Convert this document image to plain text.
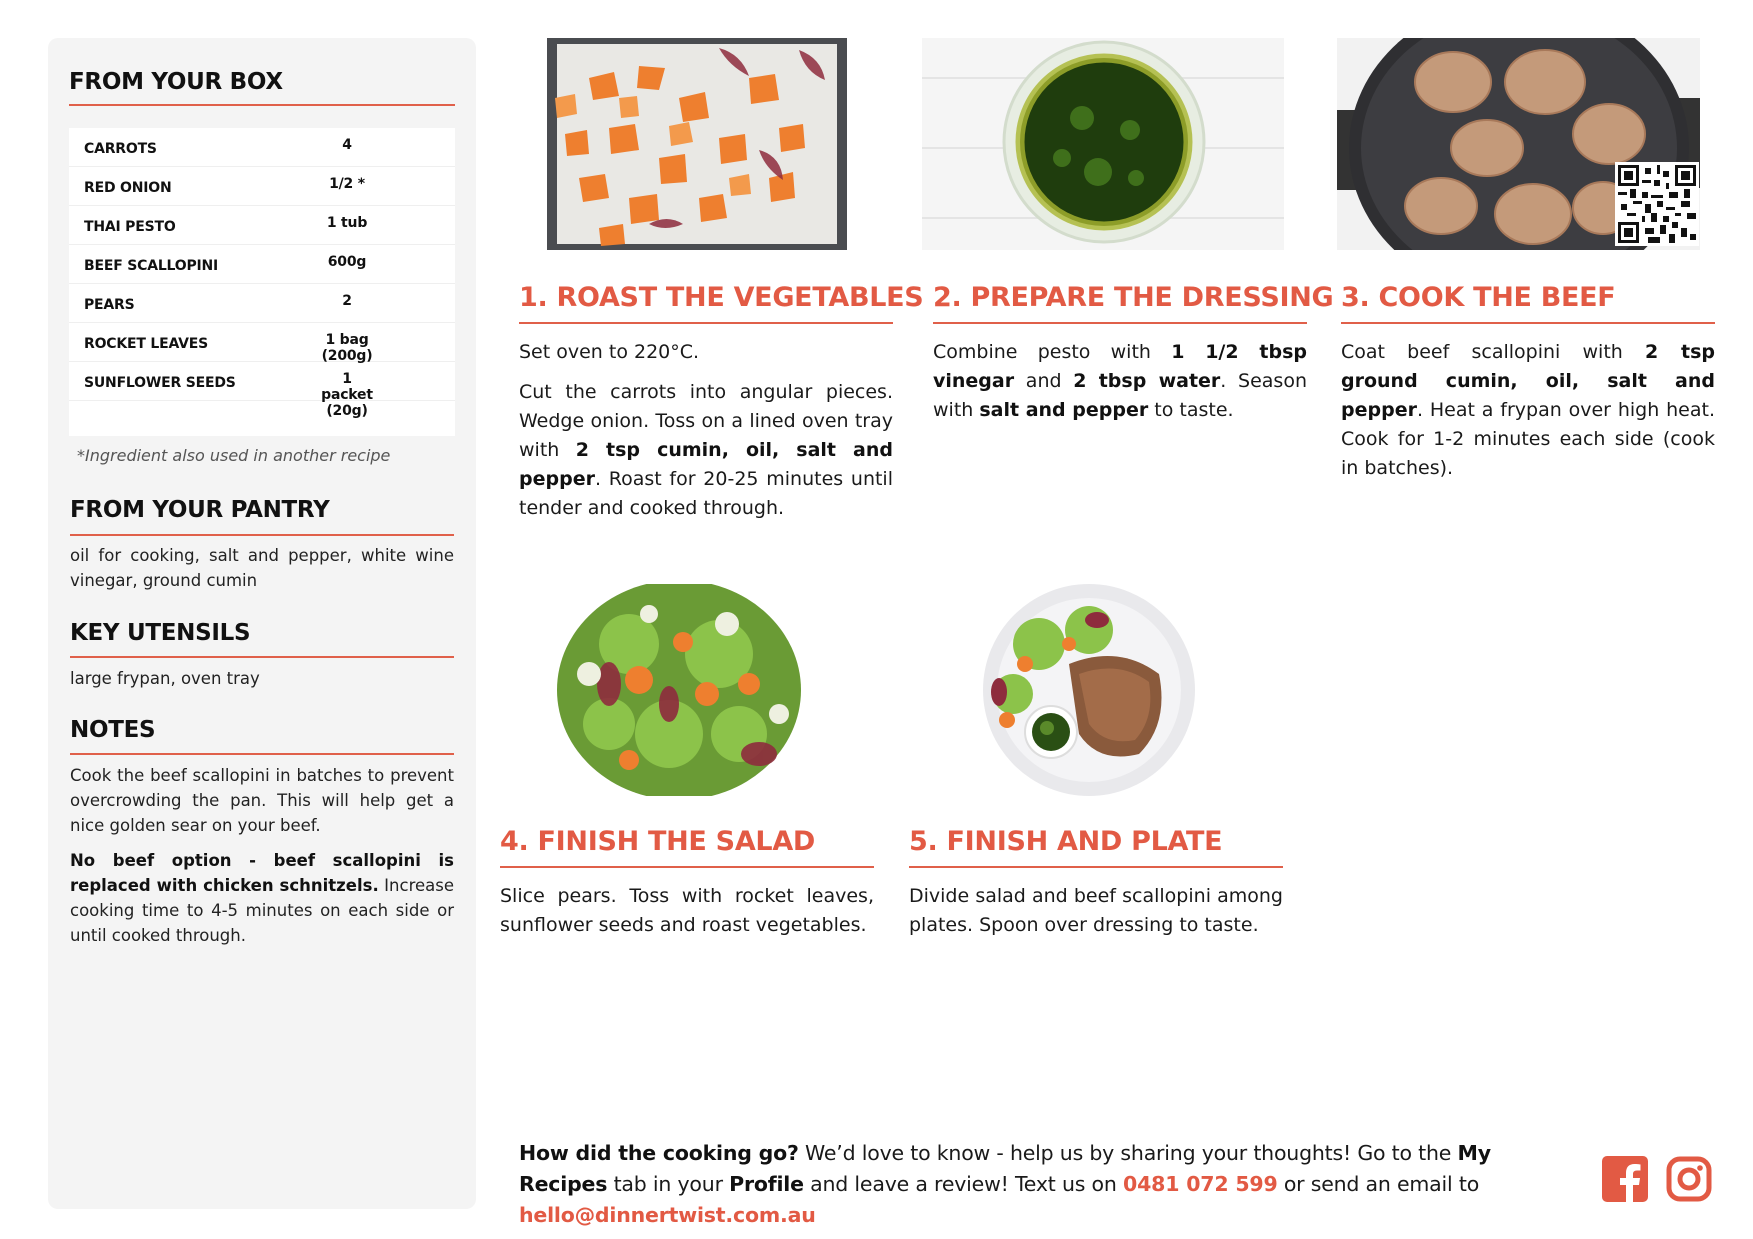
FROM YOUR BOX
CARROTS	4
RED ONION	1/2 *
THAI PESTO	1 tub
BEEF SCALLOPINI	600g
PEARS	2
ROCKET LEAVES	1 bag (200g)
SUNFLOWER SEEDS	1 packet (20g)
*Ingredient also used in another recipe
FROM YOUR PANTRY
oil for cooking, salt and pepper, white wine vinegar, ground cumin
KEY UTENSILS
large frypan, oven tray
NOTES
Cook the beef scallopini in batches to prevent overcrowding the pan. This will help get a nice golden sear on your beef.
No beef option - beef scallopini is replaced with chicken schnitzels. Increase cooking time to 4-5 minutes on each side or until cooked through.
1. ROAST THE VEGETABLES

Set oven to 220°C.

Cut the carrots into angular pieces. Wedge onion. Toss on a lined oven tray with 2 tsp cumin, oil, salt and pepper. Roast for 20-25 minutes until tender and cooked through.

2. PREPARE THE DRESSING

Combine pesto with 1 1/2 tbsp vinegar and 2 tbsp water. Season with salt and pepper to taste.

3. COOK THE BEEF

Coat beef scallopini with 2 tsp ground cumin, oil, salt and pepper. Heat a frypan over high heat. Cook for 1-2 minutes each side (cook in batches).

4. FINISH THE SALAD
Slice pears. Toss with rocket leaves, sunflower seeds and roast vegetables.
5. FINISH AND PLATE
Divide salad and beef scallopini among plates. Spoon over dressing to taste.
How did the cooking go? We’d love to know - help us by sharing your thoughts! Go to the My Recipes tab in your Profile and leave a review! Text us on 0481 072 599 or send an email to hello@dinnertwist.com.au
